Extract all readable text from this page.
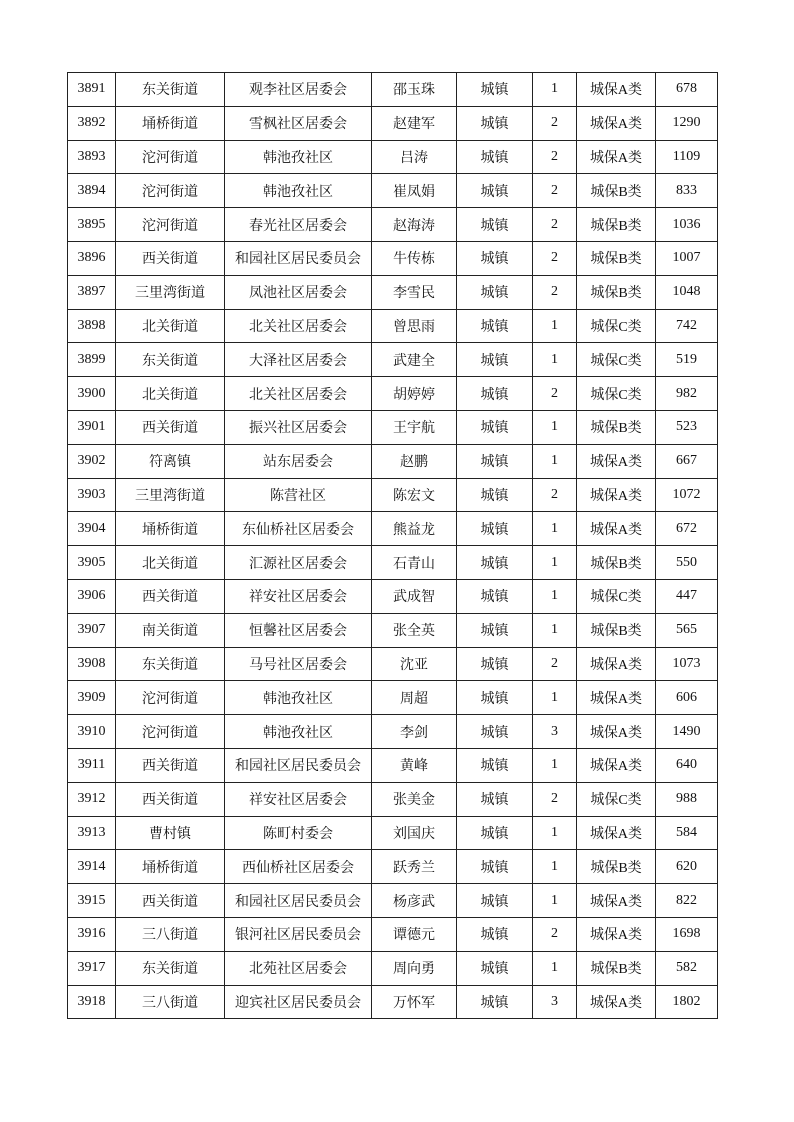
3891	东关街道	观李社区居委会	邵玉珠	城镇	1	城保A类	678
3892	埇桥街道	雪枫社区居委会	赵建军	城镇	2	城保A类	1290
3893	沱河街道	韩池孜社区	吕涛	城镇	2	城保A类	1109
3894	沱河街道	韩池孜社区	崔凤娟	城镇	2	城保B类	833
3895	沱河街道	春光社区居委会	赵海涛	城镇	2	城保B类	1036
3896	西关街道	和园社区居民委员会	牛传栋	城镇	2	城保B类	1007
3897	三里湾街道	凤池社区居委会	李雪民	城镇	2	城保B类	1048
3898	北关街道	北关社区居委会	曾思雨	城镇	1	城保C类	742
3899	东关街道	大泽社区居委会	武建全	城镇	1	城保C类	519
3900	北关街道	北关社区居委会	胡婷婷	城镇	2	城保C类	982
3901	西关街道	振兴社区居委会	王宇航	城镇	1	城保B类	523
3902	符离镇	站东居委会	赵鹏	城镇	1	城保A类	667
3903	三里湾街道	陈营社区	陈宏文	城镇	2	城保A类	1072
3904	埇桥街道	东仙桥社区居委会	熊益龙	城镇	1	城保A类	672
3905	北关街道	汇源社区居委会	石青山	城镇	1	城保B类	550
3906	西关街道	祥安社区居委会	武成智	城镇	1	城保C类	447
3907	南关街道	恒馨社区居委会	张全英	城镇	1	城保B类	565
3908	东关街道	马号社区居委会	沈亚	城镇	2	城保A类	1073
3909	沱河街道	韩池孜社区	周超	城镇	1	城保A类	606
3910	沱河街道	韩池孜社区	李剑	城镇	3	城保A类	1490
3911	西关街道	和园社区居民委员会	黄峰	城镇	1	城保A类	640
3912	西关街道	祥安社区居委会	张美金	城镇	2	城保C类	988
3913	曹村镇	陈町村委会	刘国庆	城镇	1	城保A类	584
3914	埇桥街道	西仙桥社区居委会	跃秀兰	城镇	1	城保B类	620
3915	西关街道	和园社区居民委员会	杨彦武	城镇	1	城保A类	822
3916	三八街道	银河社区居民委员会	谭德元	城镇	2	城保A类	1698
3917	东关街道	北苑社区居委会	周向勇	城镇	1	城保B类	582
3918	三八街道	迎宾社区居民委员会	万怀军	城镇	3	城保A类	1802
